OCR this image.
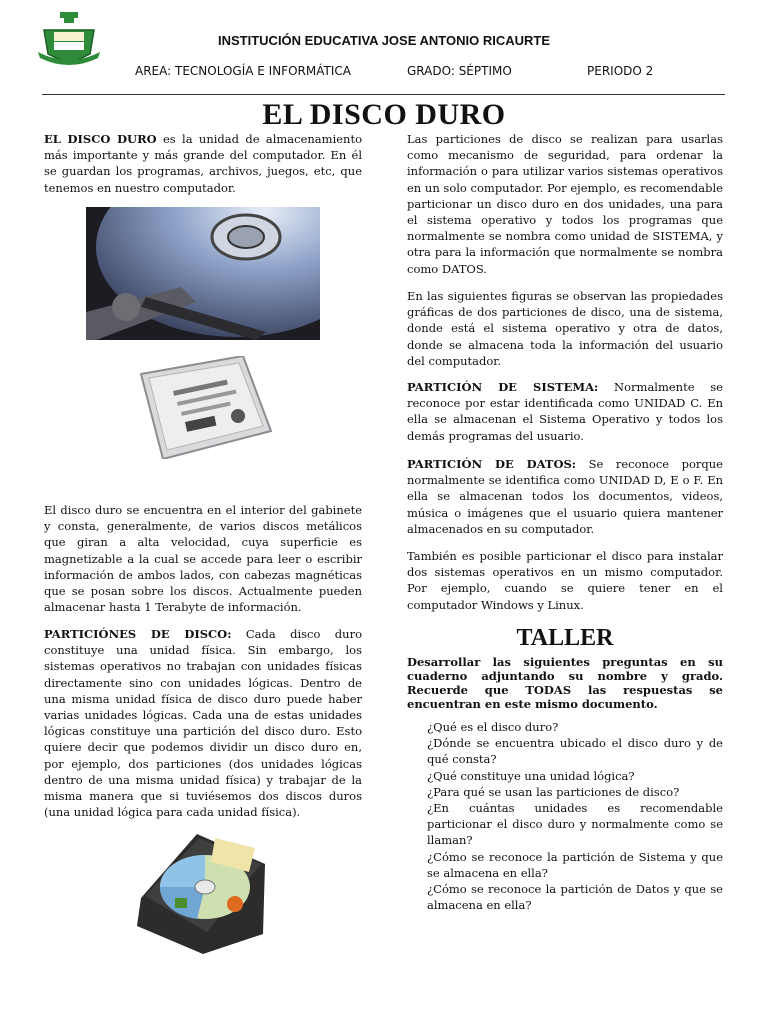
INSTITUCIÓN EDUCATIVA JOSE ANTONIO RICAURTE
AREA: TECNOLOGÍA E INFORMÁTICA	GRADO: SÉPTIMO	PERIODO 2
EL DISCO DURO
EL DISCO DURO es la unidad de almacenamiento más importante y más grande del computador. En él se guardan los programas, archivos, juegos, etc, que tenemos en nuestro computador.
El disco duro se encuentra en el interior del gabinete y consta, generalmente, de varios discos metálicos que giran a alta velocidad, cuya superficie es magnetizable a la cual se accede para leer o escribir información de ambos lados, con cabezas magnéticas que se posan sobre los discos. Actualmente pueden almacenar hasta 1 Terabyte de información.
PARTICIÓNES DE DISCO: Cada disco duro constituye una unidad física. Sin embargo, los sistemas operativos no trabajan con unidades físicas directamente sino con unidades lógicas. Dentro de una misma unidad física de disco duro puede haber varias unidades lógicas. Cada una de estas unidades lógicas constituye una partición del disco duro. Esto quiere decir que podemos dividir un disco duro en, por ejemplo, dos particiones (dos unidades lógicas dentro de una misma unidad física) y trabajar de la misma manera que si tuviésemos dos discos duros (una unidad lógica para cada unidad física).
Las particiones de disco se realizan para usarlas como mecanismo de seguridad, para ordenar la información o para utilizar varios sistemas operativos en un solo computador. Por ejemplo, es recomendable particionar un disco duro en dos unidades, una para el sistema operativo y todos los programas que normalmente se nombra como unidad de SISTEMA, y otra para la información que normalmente se nombra como DATOS.
En las siguientes figuras se observan las propiedades gráficas de dos particiones de disco, una de sistema, donde está el sistema operativo y otra de datos, donde se almacena toda la información del usuario del computador.
PARTICIÓN DE SISTEMA: Normalmente se reconoce por estar identificada como UNIDAD C. En ella se almacenan el Sistema Operativo y todos los demás programas del usuario.
PARTICIÓN DE DATOS: Se reconoce porque normalmente se identifica como UNIDAD D, E o F. En ella se almacenan todos los documentos, videos, música o imágenes que el usuario quiera mantener almacenados en su computador.
También es posible particionar el disco para instalar dos sistemas operativos en un mismo computador. Por ejemplo, cuando se quiere tener en el computador Windows y Linux.
TALLER
Desarrollar las siguientes preguntas en su cuaderno adjuntando su nombre y grado. Recuerde que TODAS las respuestas se encuentran en este mismo documento.
¿Qué es el disco duro?
¿Dónde se encuentra ubicado el disco duro y de qué consta?
¿Qué constituye una unidad lógica?
¿Para qué se usan las particiones de disco?
¿En cuántas unidades es recomendable particionar el disco duro y normalmente como se llaman?
¿Cómo se reconoce la partición de Sistema y que se almacena en ella?
¿Cómo se reconoce la partición de Datos y que se almacena en ella?
